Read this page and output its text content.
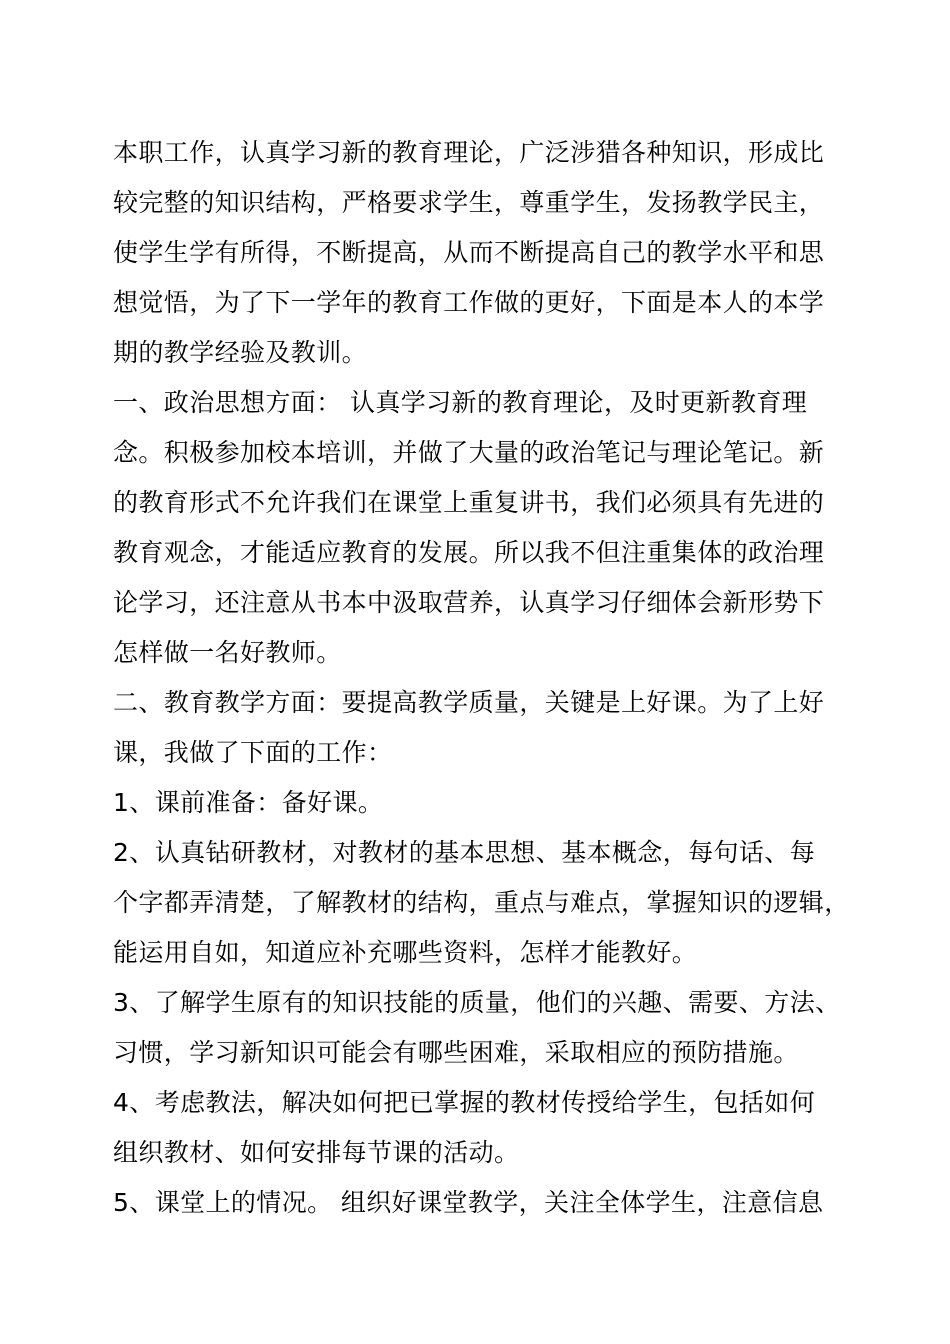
本职工作，认真学习新的教育理论，广泛涉猎各种知识，形成比
较完整的知识结构，严格要求学生，尊重学生，发扬教学民主，
使学生学有所得，不断提高，从而不断提高自己的教学水平和思
想觉悟，为了下一学年的教育工作做的更好，下面是本人的本学
期的教学经验及教训。
一、政治思想方面： 认真学习新的教育理论，及时更新教育理
念。积极参加校本培训，并做了大量的政治笔记与理论笔记。新
的教育形式不允许我们在课堂上重复讲书，我们必须具有先进的
教育观念，才能适应教育的发展。所以我不但注重集体的政治理
论学习，还注意从书本中汲取营养，认真学习仔细体会新形势下
怎样做一名好教师。
二、教育教学方面：要提高教学质量，关键是上好课。为了上好
课，我做了下面的工作：
1、课前准备：备好课。
2、认真钻研教材，对教材的基本思想、基本概念，每句话、每
个字都弄清楚，了解教材的结构，重点与难点，掌握知识的逻辑，
能运用自如，知道应补充哪些资料，怎样才能教好。
3、了解学生原有的知识技能的质量，他们的兴趣、需要、方法、
习惯，学习新知识可能会有哪些困难，采取相应的预防措施。
4、考虑教法，解决如何把已掌握的教材传授给学生，包括如何
组织教材、如何安排每节课的活动。
5、课堂上的情况。 组织好课堂教学，关注全体学生，注意信息
